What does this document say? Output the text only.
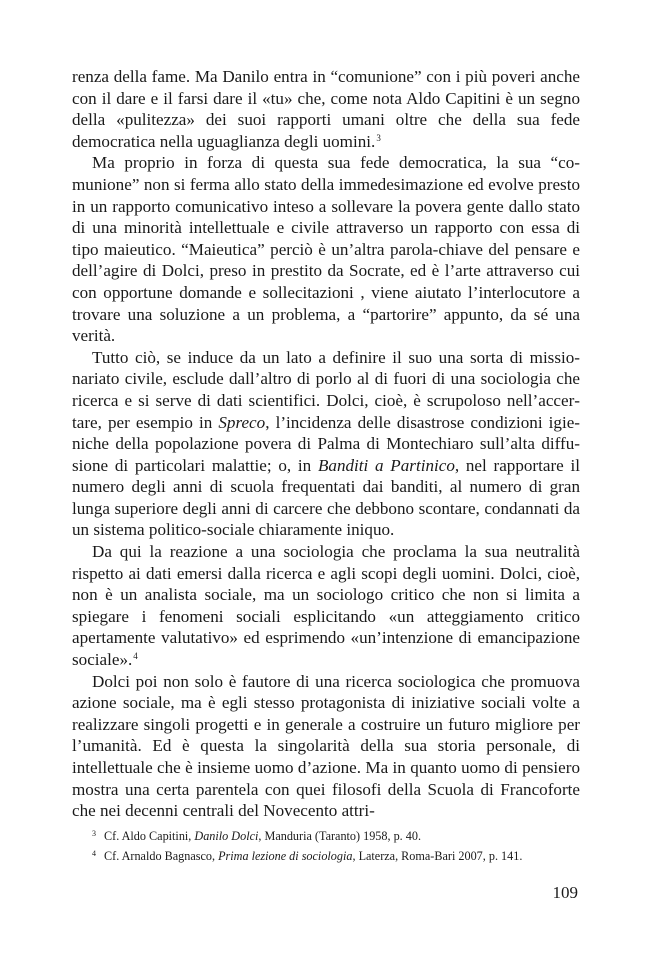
renza della fame. Ma Danilo entra in “comunione” con i più poveri anche con il dare e il farsi dare il «tu» che, come nota Aldo Capitini è un segno della «pulitezza» dei suoi rapporti umani oltre che della sua fede democratica nella uguaglianza degli uomini.$^3$

Ma proprio in forza di questa sua fede democratica, la sua “comunione” non si ferma allo stato della immedesimazione ed evolve presto in un rapporto comunicativo inteso a sollevare la povera gente dallo stato di una minorità intellettuale e civile attraverso un rapporto con essa di tipo maieutico. “Maieutica” perciò è un’altra parola-chiave del pensare e dell’agire di Dolci, preso in prestito da Socrate, ed è l’arte attraverso cui con opportune domande e sollecitazioni , viene aiutato l’interlocutore a trovare una soluzione a un problema, a “partorire” appunto, da sé una verità.

Tutto ciò, se induce da un lato a definire il suo una sorta di missionariato civile, esclude dall’altro di porlo al di fuori di una sociologia che ricerca e si serve di dati scientifici. Dolci, cioè, è scrupoloso nell’accertare, per esempio in Spreco, l’incidenza delle disastrose condizioni igieniche della popolazione povera di Palma di Montechiaro sull’alta diffusione di particolari malattie; o, in Banditi a Partinico, nel rapportare il numero degli anni di scuola frequentati dai banditi, al numero di gran lunga superiore degli anni di carcere che debbono scontare, condannati da un sistema politico-sociale chiaramente iniquo.

Da qui la reazione a una sociologia che proclama la sua neutralità rispetto ai dati emersi dalla ricerca e agli scopi degli uomini. Dolci, cioè, non è un analista sociale, ma un sociologo critico che non si limita a spiegare i fenomeni sociali esplicitando «un atteggiamento critico apertamente valutativo» ed esprimendo «un’intenzione di emancipazione sociale».$^4$

Dolci poi non solo è fautore di una ricerca sociologica che promuova azione sociale, ma è egli stesso protagonista di iniziative sociali volte a realizzare singoli progetti e in generale a costruire un futuro migliore per l’umanità. Ed è questa la singolarità della sua storia personale, di intellettuale che è insieme uomo d’azione. Ma in quanto uomo di pensiero mostra una certa parentela con quei filosofi della Scuola di Francoforte che nei decenni centrali del Novecento attri-

$^3$ Cf. Aldo Capitini, Danilo Dolci, Manduria (Taranto) 1958, p. 40.
$^4$ Cf. Arnaldo Bagnasco, Prima lezione di sociologia, Laterza, Roma-Bari 2007, p. 141.
109
